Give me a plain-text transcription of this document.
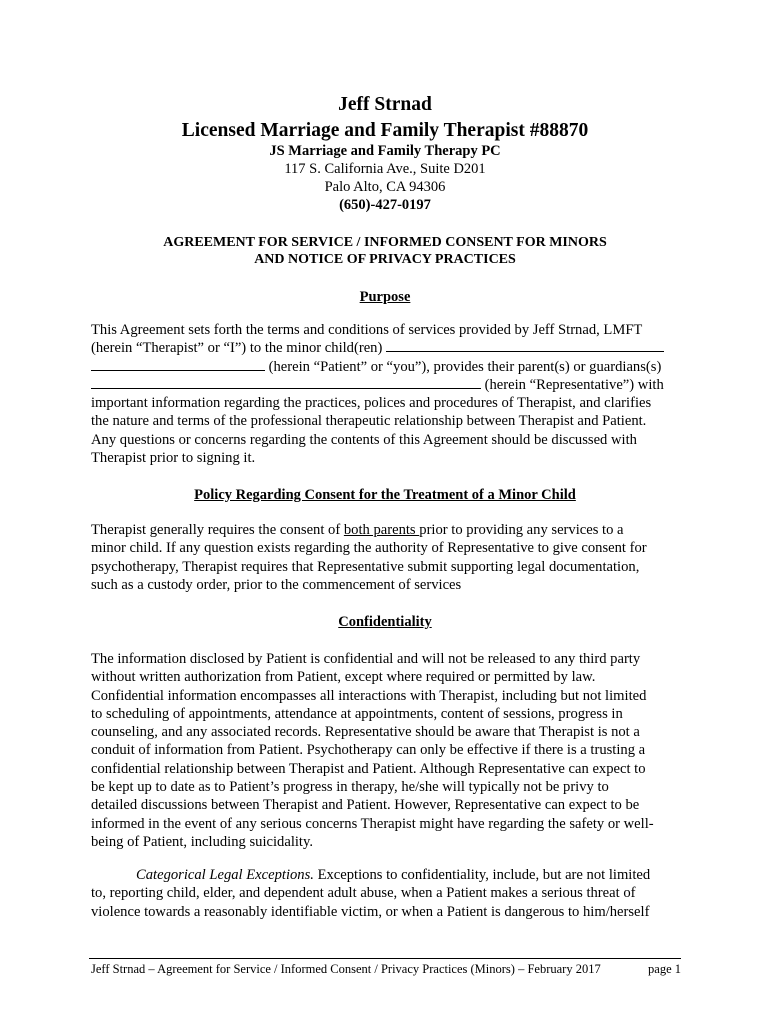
Jeff Strnad
Licensed Marriage and Family Therapist #88870
JS Marriage and Family Therapy PC
117 S. California Ave., Suite D201
Palo Alto, CA 94306
(650)-427-0197
AGREEMENT FOR SERVICE / INFORMED CONSENT FOR MINORS
AND NOTICE OF PRIVACY PRACTICES
Purpose
This Agreement sets forth the terms and conditions of services provided by Jeff Strnad, LMFT
(herein “Therapist” or “I”) to the minor child(ren)
(herein “Patient” or “you”), provides their parent(s) or guardians(s)
(herein “Representative”) with
important information regarding the practices, polices and procedures of Therapist, and clarifies
the nature and terms of the professional therapeutic relationship between Therapist and Patient.
Any questions or concerns regarding the contents of this Agreement should be discussed with
Therapist prior to signing it.
Policy Regarding Consent for the Treatment of a Minor Child
Therapist generally requires the consent of both parents prior to providing any services to a
minor child. If any question exists regarding the authority of Representative to give consent for
psychotherapy, Therapist requires that Representative submit supporting legal documentation,
such as a custody order, prior to the commencement of services
Confidentiality
The information disclosed by Patient is confidential and will not be released to any third party
without written authorization from Patient, except where required or permitted by law.
Confidential information encompasses all interactions with Therapist, including but not limited
to scheduling of appointments, attendance at appointments, content of sessions, progress in
counseling, and any associated records. Representative should be aware that Therapist is not a
conduit of information from Patient. Psychotherapy can only be effective if there is a trusting a
confidential relationship between Therapist and Patient. Although Representative can expect to
be kept up to date as to Patient’s progress in therapy, he/she will typically not be privy to
detailed discussions between Therapist and Patient. However, Representative can expect to be
informed in the event of any serious concerns Therapist might have regarding the safety or well-
being of Patient, including suicidality.
Categorical Legal Exceptions. Exceptions to confidentiality, include, but are not limited
to, reporting child, elder, and dependent adult abuse, when a Patient makes a serious threat of
violence towards a reasonably identifiable victim, or when a Patient is dangerous to him/herself
Jeff Strnad – Agreement for Service / Informed Consent / Privacy Practices (Minors) – February 2017	page 1
